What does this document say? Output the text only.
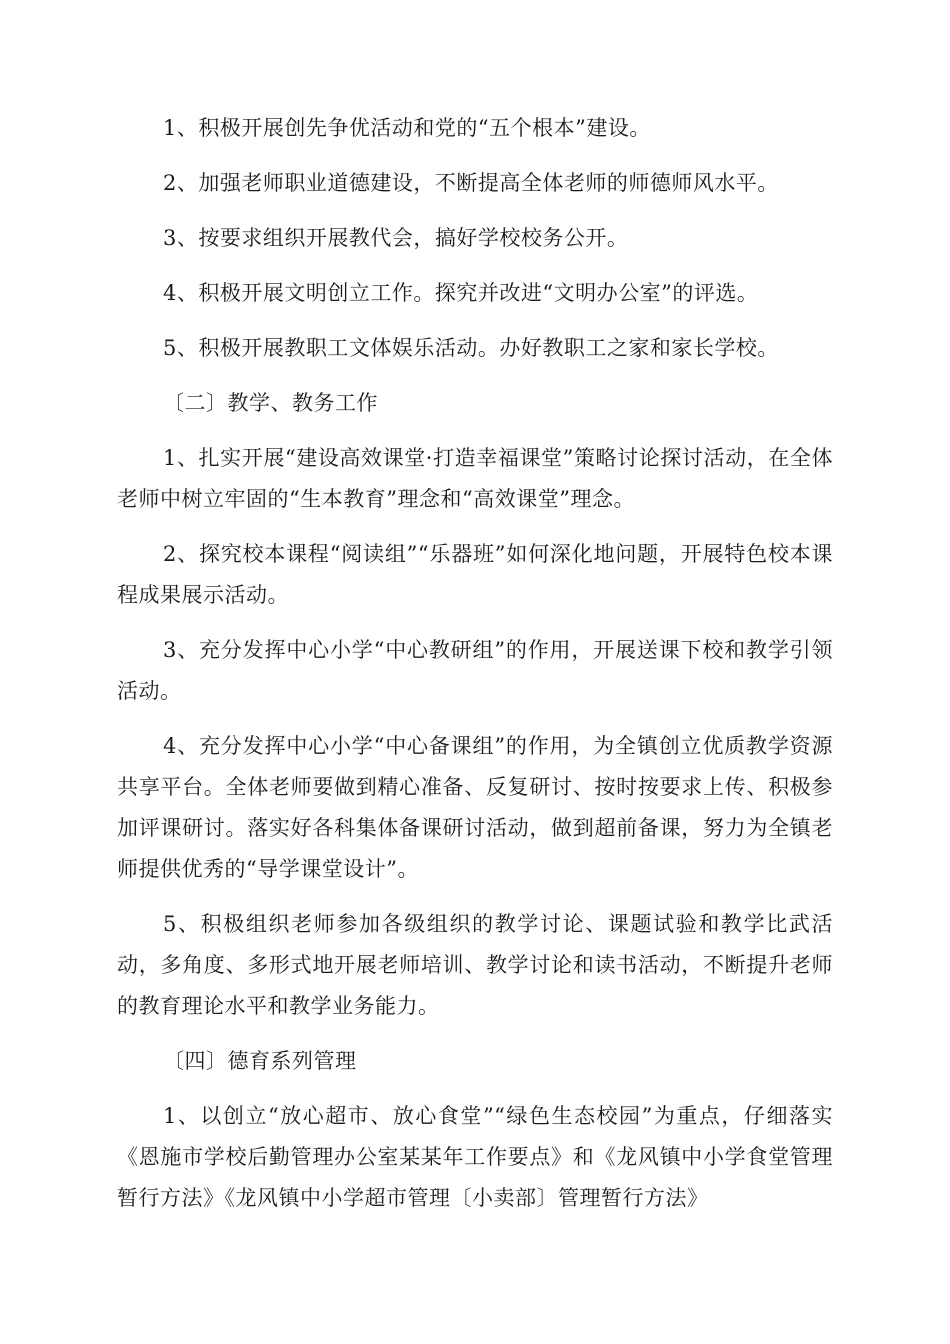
1、积极开展创先争优活动和党的“五个根本”建设。

2、加强老师职业道德建设，不断提高全体老师的师德师风水平。

3、按要求组织开展教代会，搞好学校校务公开。

4、积极开展文明创立工作。探究并改进“文明办公室”的评选。

5、积极开展教职工文体娱乐活动。办好教职工之家和家长学校。

〔二〕教学、教务工作

1、扎实开展“建设高效课堂·打造幸福课堂”策略讨论探讨活动，在全体老师中树立牢固的“生本教育”理念和“高效课堂”理念。

2、探究校本课程“阅读组”“乐器班”如何深化地问题，开展特色校本课程成果展示活动。

3、充分发挥中心小学“中心教研组”的作用，开展送课下校和教学引领活动。

4、充分发挥中心小学“中心备课组”的作用，为全镇创立优质教学资源共享平台。全体老师要做到精心准备、反复研讨、按时按要求上传、积极参加评课研讨。落实好各科集体备课研讨活动，做到超前备课，努力为全镇老师提供优秀的“导学课堂设计”。

5、积极组织老师参加各级组织的教学讨论、课题试验和教学比武活动，多角度、多形式地开展老师培训、教学讨论和读书活动，不断提升老师的教育理论水平和教学业务能力。

〔四〕德育系列管理

1、以创立“放心超市、放心食堂”“绿色生态校园”为重点，仔细落实《恩施市学校后勤管理办公室某某年工作要点》和《龙风镇中小学食堂管理暂行方法》《龙风镇中小学超市管理〔小卖部〕管理暂行方法》
